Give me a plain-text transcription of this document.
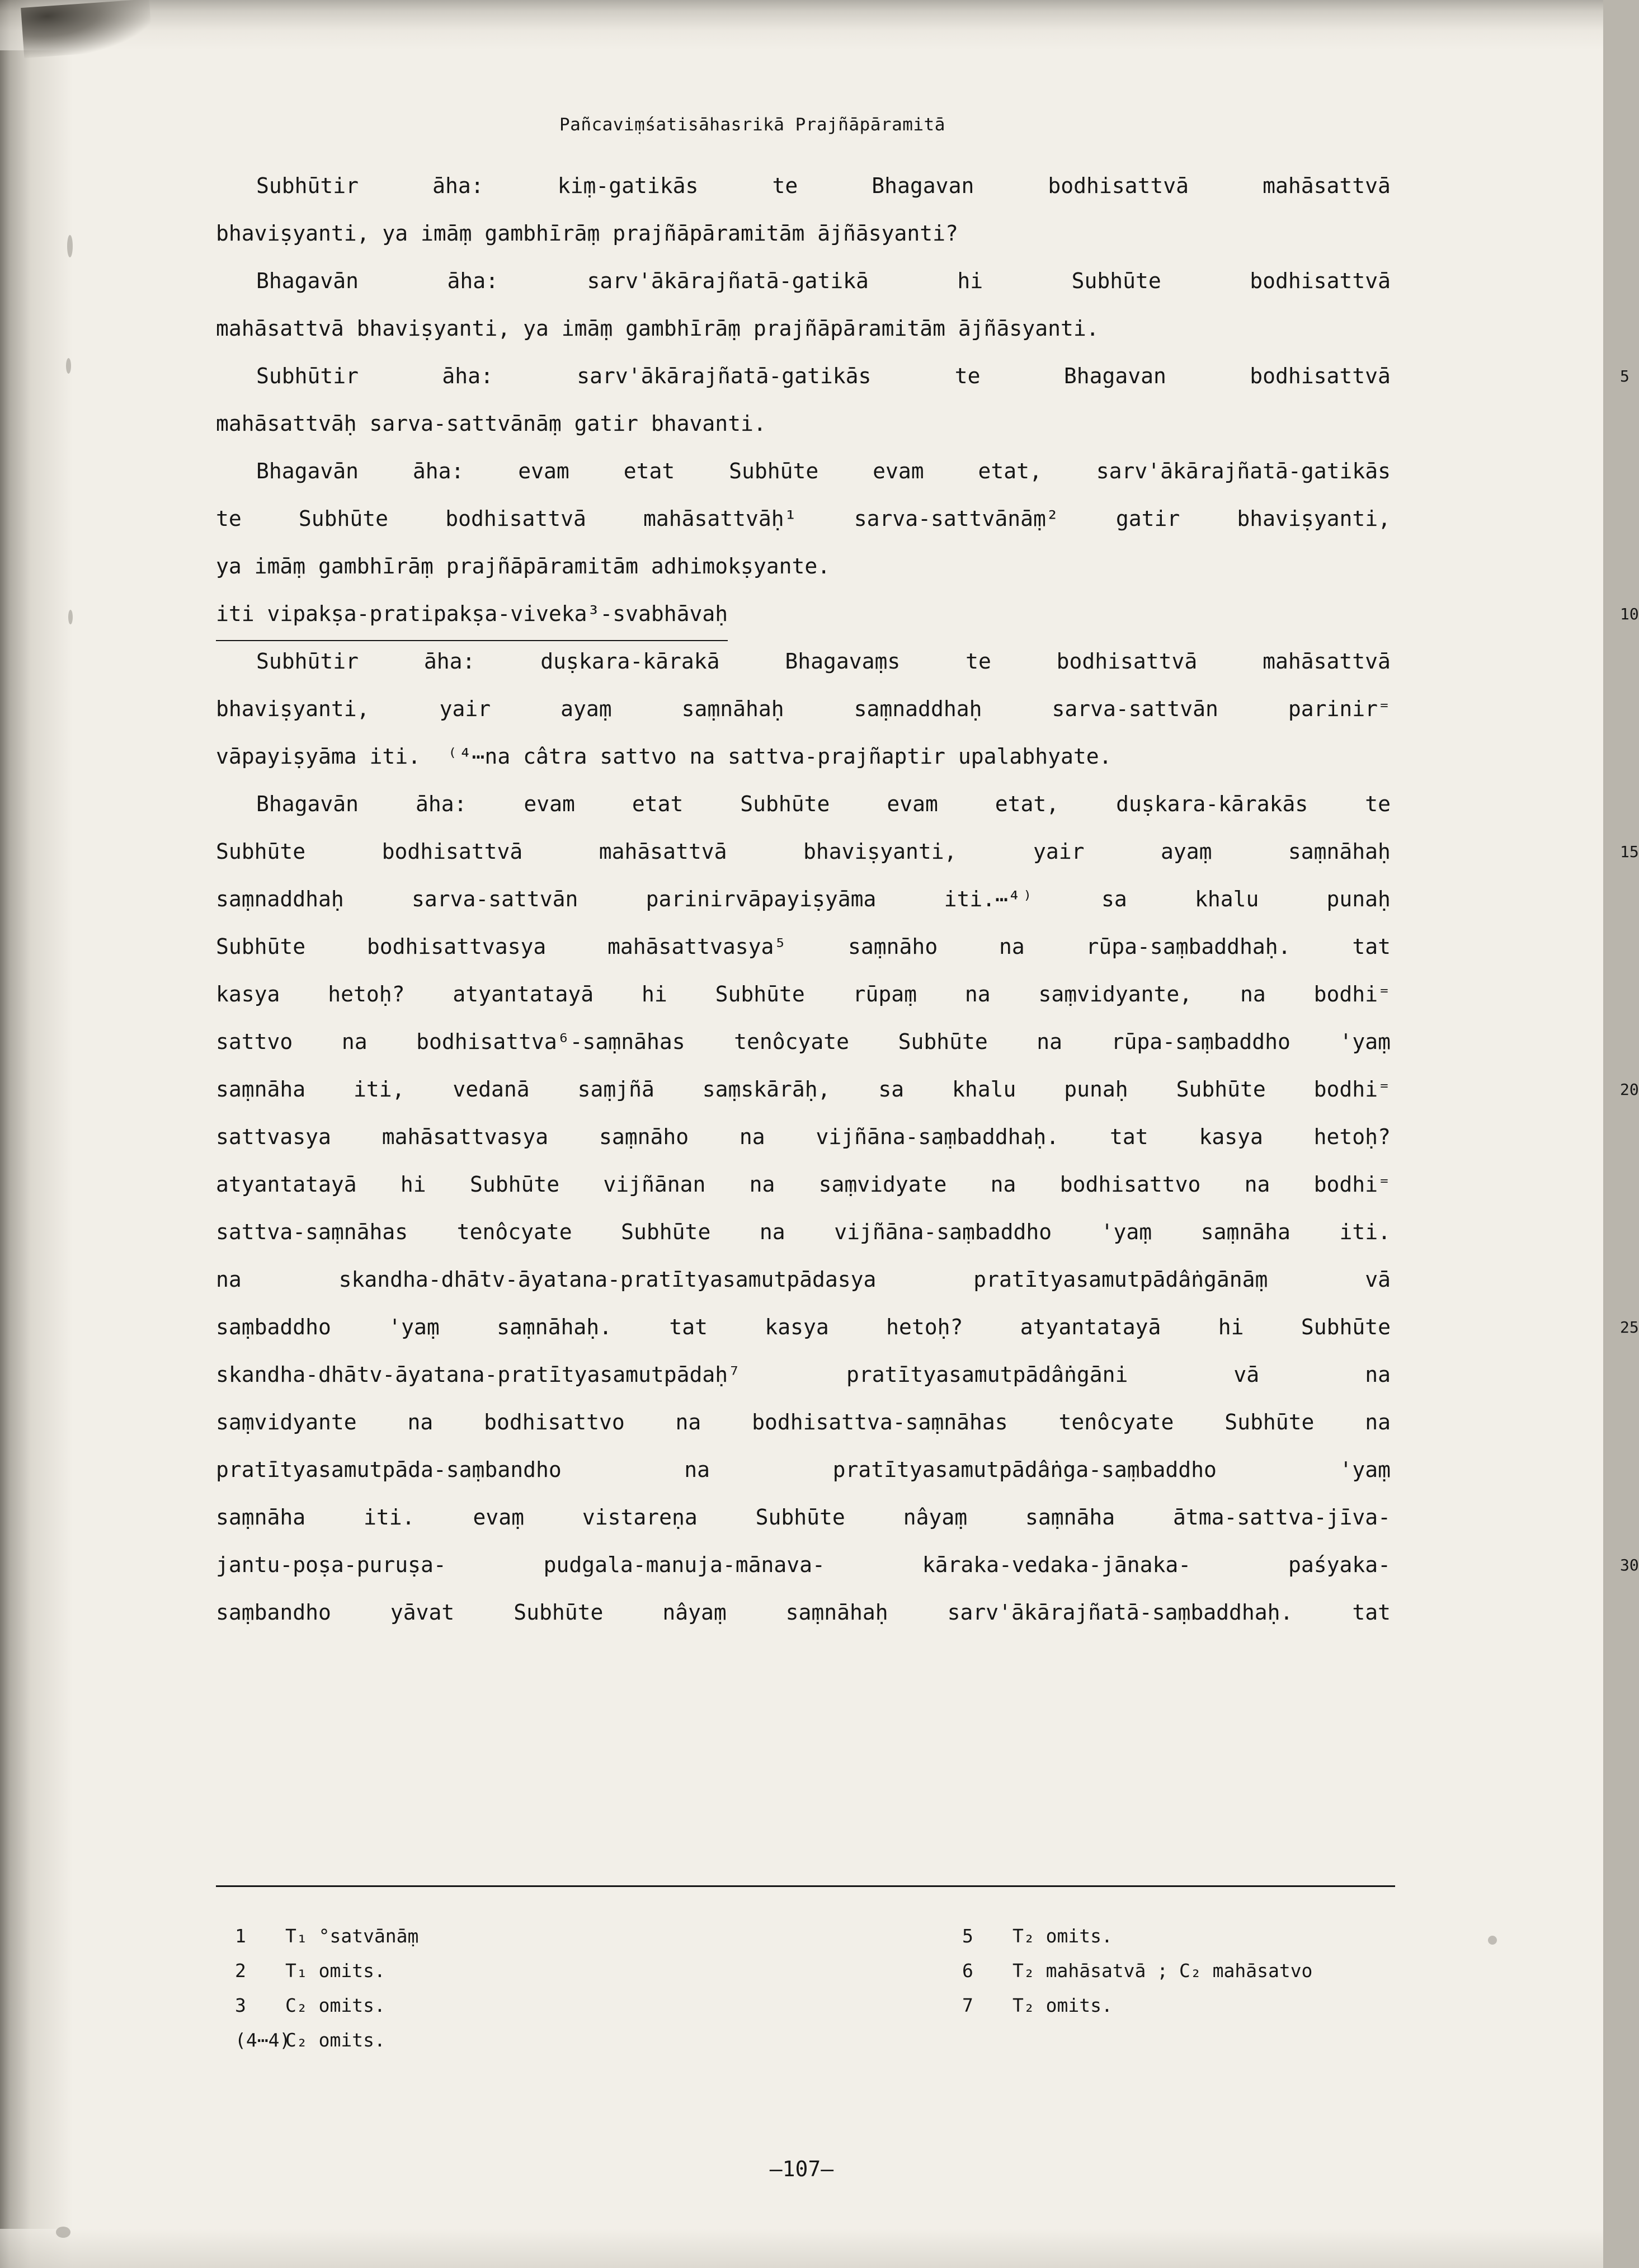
Pañcaviṃśatisāhasrikā Prajñāpāramitā
Subhūtir	āha:	kiṃ-gatikās	te	Bhagavan	bodhisattvā	mahāsattvā
bhaviṣyanti, ya imāṃ gambhīrāṃ prajñāpāramitām ājñāsyanti?
Bhagavān	āha:	sarv'ākārajñatā-gatikā	hi	Subhūte	bodhisattvā
mahāsattvā bhaviṣyanti, ya imāṃ gambhīrāṃ prajñāpāramitām ājñāsyanti.
5
Subhūtir	āha:	sarv'ākārajñatā-gatikās	te	Bhagavan	bodhisattvā
mahāsattvāḥ sarva-sattvānāṃ gatir bhavanti.
Bhagavān	āha:	evam	etat	Subhūte	evam	etat,	sarv'ākārajñatā-gatikās
te	Subhūte	bodhisattvā	mahāsattvāḥ¹	sarva-sattvānāṃ²	gatir	bhaviṣyanti,
ya imāṃ gambhīrāṃ prajñāpāramitām adhimokṣyante.
10
iti vipakṣa-pratipakṣa-viveka³-svabhāvaḥ
Subhūtir	āha:	duṣkara-kārakā	Bhagavaṃs	te	bodhisattvā	mahāsattvā
bhaviṣyanti,	yair	ayaṃ	saṃnāhaḥ	saṃnaddhaḥ	sarva-sattvān	parinir⁼
vāpayiṣyāma iti.  ⁽⁴⋯na câtra sattvo na sattva-prajñaptir upalabhyate.
Bhagavān	āha:	evam	etat	Subhūte	evam	etat,	duṣkara-kārakās	te
15
Subhūte	bodhisattvā	mahāsattvā	bhaviṣyanti,	yair	ayaṃ	saṃnāhaḥ
saṃnaddhaḥ	sarva-sattvān	parinirvāpayiṣyāma	iti.⋯⁴⁾	sa	khalu	punaḥ
Subhūte	bodhisattvasya	mahāsattvasya⁵	saṃnāho	na	rūpa-saṃbaddhaḥ.	tat
kasya hetoḥ? atyantatayā hi Subhūte rūpaṃ na saṃvidyante, na bodhi⁼
sattvo na bodhisattva⁶-saṃnāhas tenôcyate Subhūte na rūpa-saṃbaddho 'yaṃ
20
saṃnāha iti, vedanā saṃjñā saṃskārāḥ, sa khalu punaḥ Subhūte bodhi⁼
sattvasya mahāsattvasya saṃnāho na vijñāna-saṃbaddhaḥ. tat kasya hetoḥ?
atyantatayā hi Subhūte vijñānan na saṃvidyate na bodhisattvo na bodhi⁼
sattva-saṃnāhas tenôcyate Subhūte na vijñāna-saṃbaddho 'yaṃ saṃnāha iti.
na	skandha-dhātv-āyatana-pratītyasamutpādasya	pratītyasamutpādâṅgānāṃ	vā
25
saṃbaddho	'yaṃ	saṃnāhaḥ.	tat	kasya	hetoḥ?	atyantatayā	hi	Subhūte
skandha-dhātv-āyatana-pratītyasamutpādaḥ⁷	pratītyasamutpādâṅgāni	vā	na
saṃvidyante na bodhisattvo na bodhisattva-saṃnāhas tenôcyate Subhūte na
pratītyasamutpāda-saṃbandho	na	pratītyasamutpādâṅga-saṃbaddho	'yaṃ
saṃnāha	iti.	evaṃ	vistareṇa	Subhūte	nâyaṃ	saṃnāha	ātma-sattva-jīva-
30
jantu-poṣa-puruṣa-	pudgala-manuja-mānava-	kāraka-vedaka-jānaka-	paśyaka-
saṃbandho	yāvat	Subhūte	nâyaṃ	saṃnāhaḥ	sarv'ākārajñatā-saṃbaddhaḥ.	tat
1 T₁ °satvānāṃ
2 T₁ omits.
3 C₂ omits.
(4⋯4)C₂ omits.
5 T₂ omits.
6 T₂ mahāsatvā ; C₂ mahāsatvo
7 T₂ omits.
—107—
